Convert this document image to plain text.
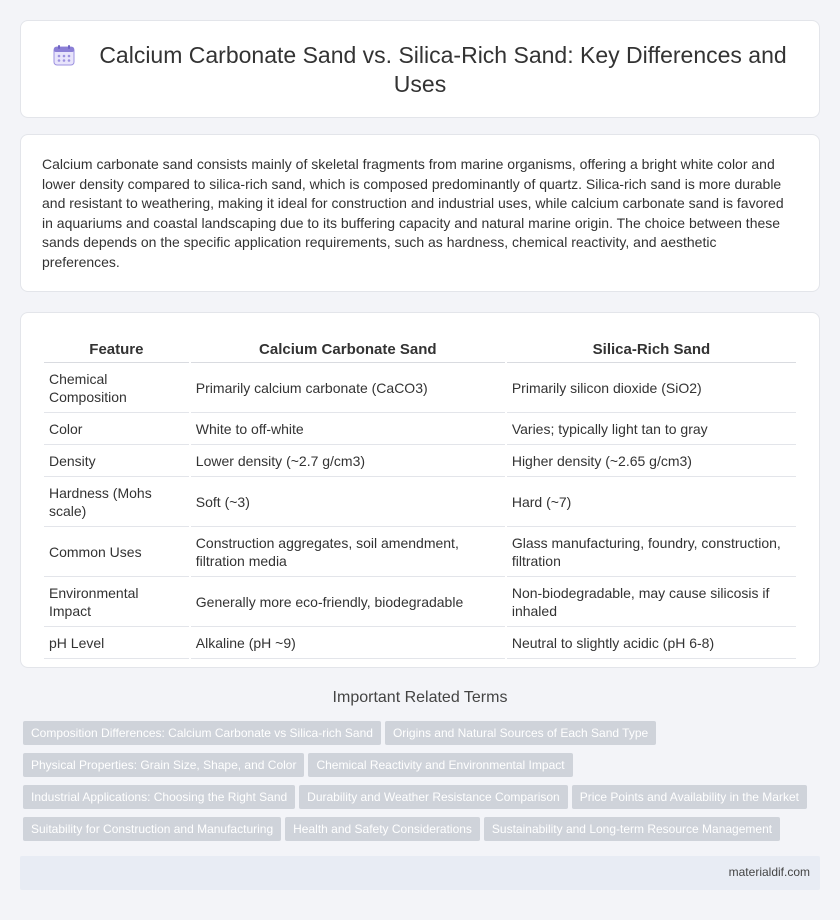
Calcium Carbonate Sand vs. Silica-Rich Sand: Key Differences and Uses
Calcium carbonate sand consists mainly of skeletal fragments from marine organisms, offering a bright white color and lower density compared to silica-rich sand, which is composed predominantly of quartz. Silica-rich sand is more durable and resistant to weathering, making it ideal for construction and industrial uses, while calcium carbonate sand is favored in aquariums and coastal landscaping due to its buffering capacity and natural marine origin. The choice between these sands depends on the specific application requirements, such as hardness, chemical reactivity, and aesthetic preferences.
Feature	Calcium Carbonate Sand	Silica-Rich Sand
Chemical Composition	Primarily calcium carbonate (CaCO3)	Primarily silicon dioxide (SiO2)
Color	White to off-white	Varies; typically light tan to gray
Density	Lower density (~2.7 g/cm3)	Higher density (~2.65 g/cm3)
Hardness (Mohs scale)	Soft (~3)	Hard (~7)
Common Uses	Construction aggregates, soil amendment, filtration media	Glass manufacturing, foundry, construction, filtration
Environmental Impact	Generally more eco-friendly, biodegradable	Non-biodegradable, may cause silicosis if inhaled
pH Level	Alkaline (pH ~9)	Neutral to slightly acidic (pH 6-8)
Important Related Terms
Composition Differences: Calcium Carbonate vs Silica-rich Sand Origins and Natural Sources of Each Sand Type
Physical Properties: Grain Size, Shape, and Color Chemical Reactivity and Environmental Impact
Industrial Applications: Choosing the Right Sand Durability and Weather Resistance Comparison Price Points and Availability in the Market
Suitability for Construction and Manufacturing Health and Safety Considerations Sustainability and Long-term Resource Management
materialdif.com
